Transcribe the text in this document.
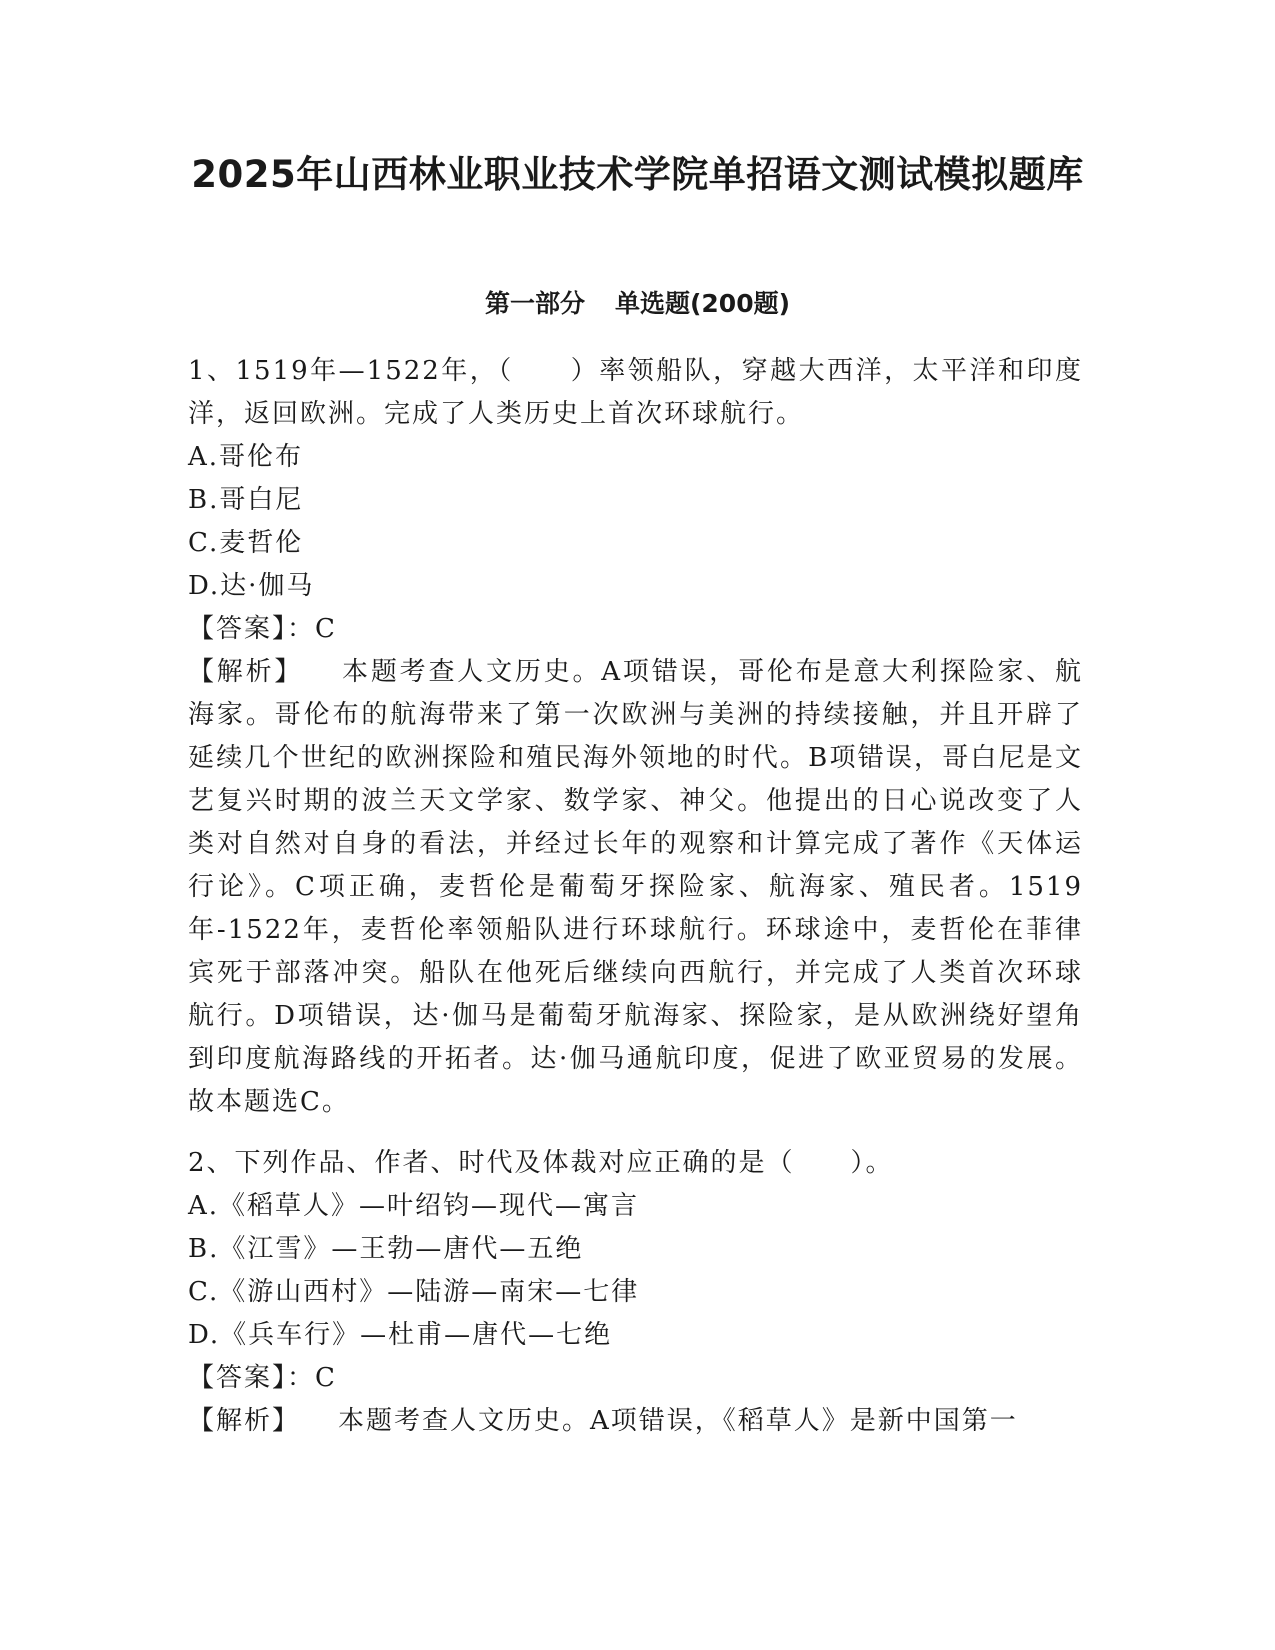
2025年山西林业职业技术学院单招语文测试模拟题库
第一部分 单选题(200题)

1、1519年—1522年，（　　）率领船队，穿越大西洋，太平洋和印度洋，返回欧洲。完成了人类历史上首次环球航行。

A.哥伦布

B.哥白尼

C.麦哲伦

D.达·伽马

【答案】：C

【解析】 本题考查人文历史。A项错误，哥伦布是意大利探险家、航海家。哥伦布的航海带来了第一次欧洲与美洲的持续接触，并且开辟了延续几个世纪的欧洲探险和殖民海外领地的时代。B项错误，哥白尼是文艺复兴时期的波兰天文学家、数学家、神父。他提出的日心说改变了人类对自然对自身的看法，并经过长年的观察和计算完成了著作《天体运行论》。C项正确，麦哲伦是葡萄牙探险家、航海家、殖民者。1519年-1522年，麦哲伦率领船队进行环球航行。环球途中，麦哲伦在菲律宾死于部落冲突。船队在他死后继续向西航行，并完成了人类首次环球航行。D项错误，达·伽马是葡萄牙航海家、探险家，是从欧洲绕好望角到印度航海路线的开拓者。达·伽马通航印度，促进了欧亚贸易的发展。故本题选C。

2、下列作品、作者、时代及体裁对应正确的是（　　）。

A.《稻草人》—叶绍钧—现代—寓言

B.《江雪》—王勃—唐代—五绝

C.《游山西村》—陆游—南宋—七律

D.《兵车行》—杜甫—唐代—七绝

【答案】：C

【解析】 本题考查人文历史。A项错误，《稻草人》是新中国第一
